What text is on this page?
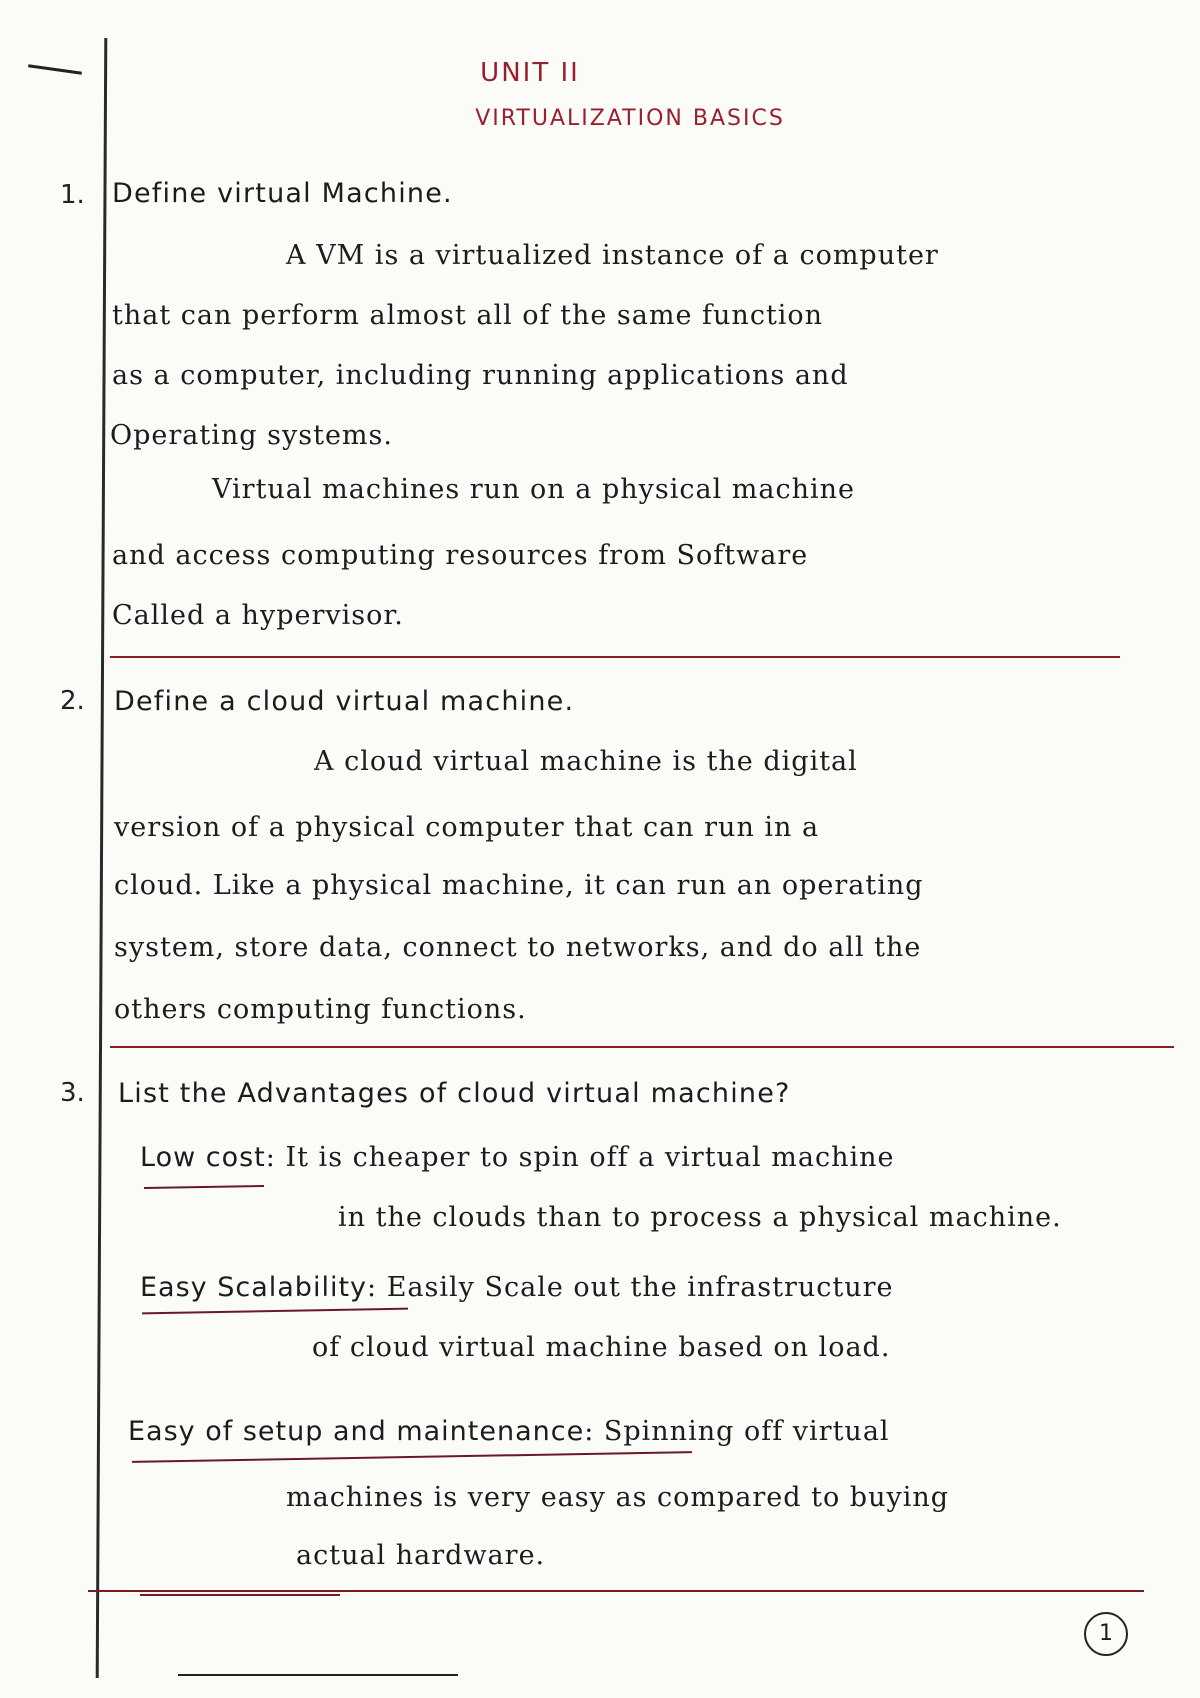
UNIT II
VIRTUALIZATION BASICS
1. Define virtual Machine.
A VM is a virtualized instance of a computer
that can perform almost all of the same function
as a computer, including running applications and
Operating systems.
Virtual machines run on a physical machine
and access computing resources from Software
Called a hypervisor.
2. Define a cloud virtual machine.
A cloud virtual machine is the digital
version of a physical computer that can run in a
cloud. Like a physical machine, it can run an operating
system, store data, connect to networks, and do all the
others computing functions.
3. List the Advantages of cloud virtual machine?
Low cost: It is cheaper to spin off a virtual machine
in the clouds than to process a physical machine.
Easy Scalability: Easily Scale out the infrastructure
of cloud virtual machine based on load.
Easy of setup and maintenance: Spinning off virtual
machines is very easy as compared to buying
actual hardware.
1
